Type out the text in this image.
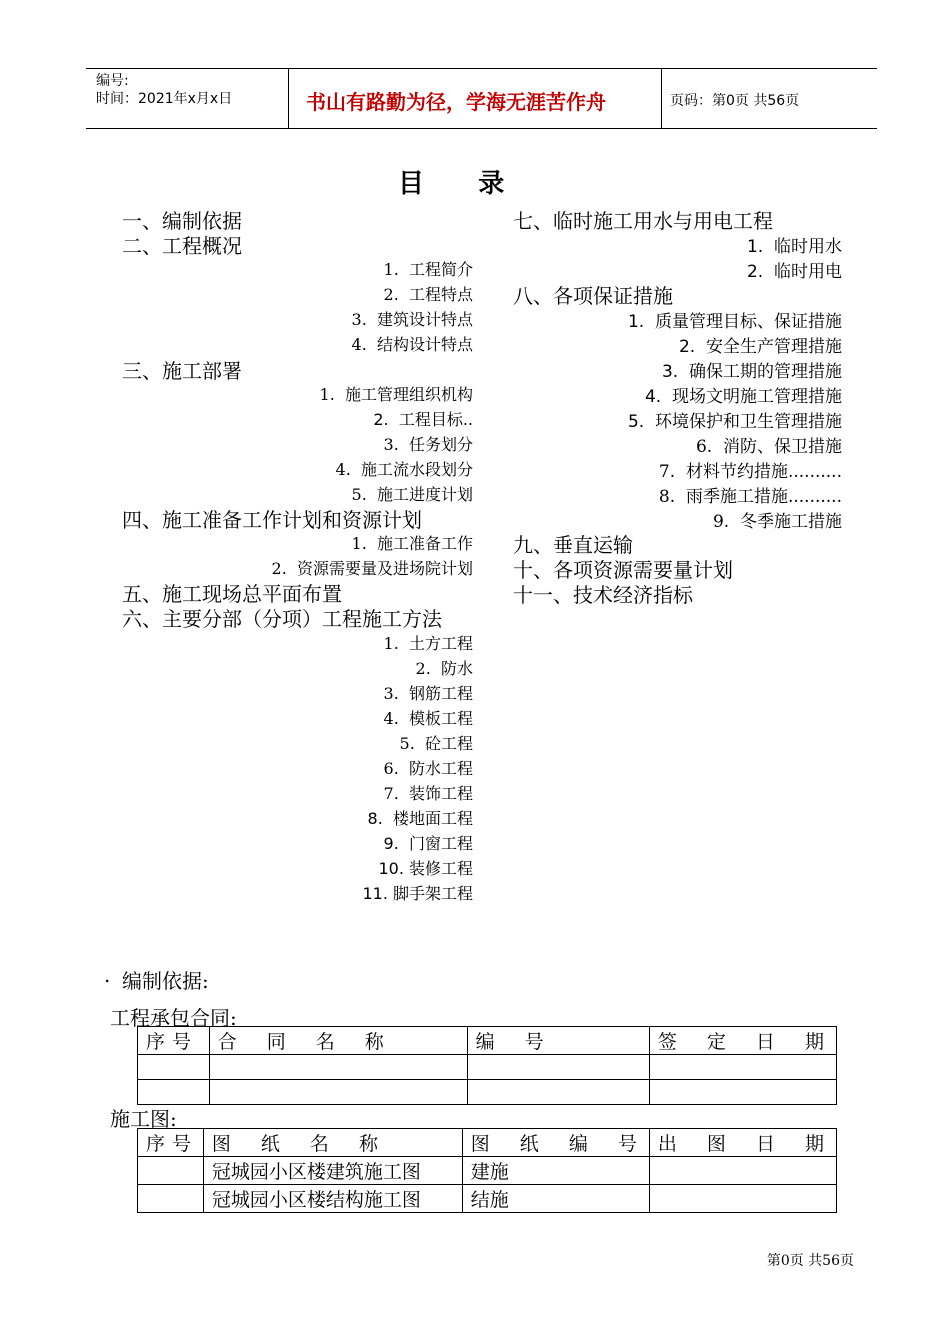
编号:
时间：2021年x月x日	书山有路勤为径，学海无涯苦作舟	页码：第0页 共56页
目      录
一、编制依据
二、工程概况
1.  工程简介
2.  工程特点
3.  建筑设计特点
4.  结构设计特点
三、施工部署
1.  施工管理组织机构
2.  工程目标..
3.  任务划分
4.  施工流水段划分
5.  施工进度计划
四、施工准备工作计划和资源计划
1.  施工准备工作
2.  资源需要量及进场院计划
五、施工现场总平面布置
六、主要分部（分项）工程施工方法
1.  土方工程
2.  防水
3.  钢筋工程
4.  模板工程
5.  砼工程
6.  防水工程
7.  装饰工程
8.  楼地面工程
9.  门窗工程
10. 装修工程
11. 脚手架工程
七、临时施工用水与用电工程
1.  临时用水
2.  临时用电
八、各项保证措施
1.  质量管理目标、保证措施
2.  安全生产管理措施
3.  确保工期的管理措施
4.  现场文明施工管理措施
5.  环境保护和卫生管理措施
6.  消防、保卫措施
7.  材料节约措施..........
8.  雨季施工措施..........
9.  冬季施工措施
九、垂直运输
十、各项资源需要量计划
十一、技术经济指标
. 编制依据:
工程承包合同:
序号	合 同 名 称	编 号	签 定 日 期

施工图:
序号	图 纸 名 称	图 纸 编 号	出 图 日 期
	冠城园小区楼建筑施工图	建施	
	冠城园小区楼结构施工图	结施	
第0页 共56页
